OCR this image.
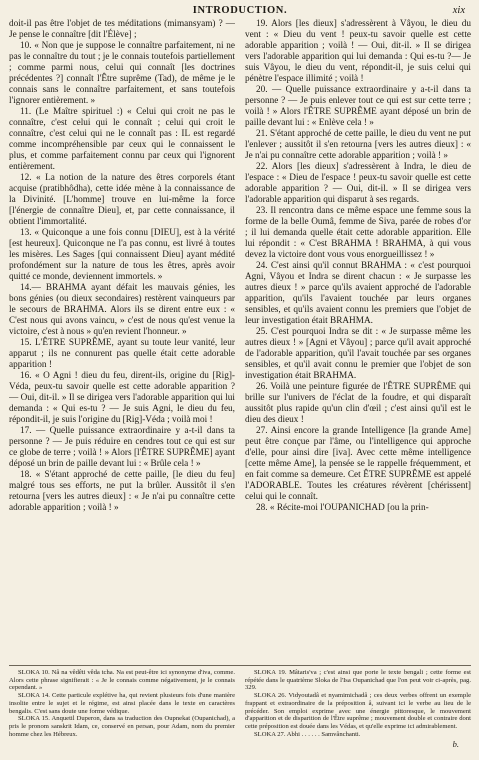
INTRODUCTION.	xix

doit-il pas être l'objet de tes méditations (mimansyam) ? — Je pense le connaître [dit l'Élève] ;

10. « Non que je suppose le connaître parfaitement, ni ne pas le connaître du tout ; je le connais toutefois partiellement ; comme parmi nous, celui qui connaît [les doctrines précédentes ?] connaît l'Être suprême (Tad), de même je le connais sans le connaître parfaitement, et sans toutefois l'ignorer entièrement. »

11. (Le Maître spirituel :) « Celui qui croit ne pas le connaître, c'est celui qui le connaît ; celui qui croit le connaître, c'est celui qui ne le connaît pas : IL est regardé comme incompréhensible par ceux qui le connaissent le plus, et comme parfaitement connu par ceux qui l'ignorent entièrement.

12. « La notion de la nature des êtres corporels étant acquise (pratibhôdha), cette idée mène à la connaissance de la Divinité. [L'homme] trouve en lui-même la force [l'énergie de connaître Dieu], et, par cette connaissance, il obtient l'immortalité.

13. « Quiconque a une fois connu [DIEU], est à la vérité [est heureux]. Quiconque ne l'a pas connu, est livré à toutes les misères. Les Sages [qui connaissent Dieu] ayant médité profondément sur la nature de tous les êtres, après avoir quitté ce monde, deviennent immortels. »

14.— BRAHMA ayant défait les mauvais génies, les bons génies (ou dieux secondaires) restèrent vainqueurs par le secours de BRAHMA. Alors ils se dirent entre eux : « C'est nous qui avons vaincu, » c'est de nous qu'est venue la victoire, c'est à nous » qu'en revient l'honneur. »

15. L'ÊTRE SUPRÊME, ayant su toute leur vanité, leur apparut ; ils ne connurent pas quelle était cette adorable apparition !

16. « O Agni ! dieu du feu, dirent-ils, origine du [Rig]-Véda, peux-tu savoir quelle est cette adorable apparition ? — Oui, dit-il. » Il se dirigea vers l'adorable apparition qui lui demanda : « Qui es-tu ? — Je suis Agni, le dieu du feu, répondit-il, je suis l'origine du [Rig]-Véda ; voilà moi !

17. — Quelle puissance extraordinaire y a-t-il dans ta personne ? — Je puis réduire en cendres tout ce qui est sur ce globe de terre ; voilà ! » Alors [l'ÊTRE SUPRÊME] ayant déposé un brin de paille devant lui : « Brûle cela ! »

18. « S'étant approché de cette paille, [le dieu du feu] malgré tous ses efforts, ne put la brûler. Aussitôt il s'en retourna [vers les autres dieux] : « Je n'ai pu connaître cette adorable apparition ; voilà ! »

19. Alors [les dieux] s'adressèrent à Vâyou, le dieu du vent : « Dieu du vent ! peux-tu savoir quelle est cette adorable apparition ; voilà ! — Oui, dit-il. » Il se dirigea vers l'adorable apparition qui lui demanda : Qui es-tu ?— Je suis Vâyou, le dieu du vent, répondit-il, je suis celui qui pénètre l'espace illimité ; voilà !

20. — Quelle puissance extraordinaire y a-t-il dans ta personne ? — Je puis enlever tout ce qui est sur cette terre ; voilà ! » Alors l'ÊTRE SUPRÊME ayant déposé un brin de paille devant lui : « Enlève cela ! »

21. S'étant approché de cette paille, le dieu du vent ne put l'enlever ; aussitôt il s'en retourna [vers les autres dieux] : « Je n'ai pu connaître cette adorable apparition ; voilà ! »

22. Alors [les dieux] s'adressèrent à Indra, le dieu de l'espace : « Dieu de l'espace ! peux-tu savoir quelle est cette adorable apparition ? — Oui, dit-il. » Il se dirigea vers l'adorable apparition qui disparut à ses regards.

23. Il rencontra dans ce même espace une femme sous la forme de la belle Oumâ, femme de Siva, parée de robes d'or ; il lui demanda quelle était cette adorable apparition. Elle lui répondit : « C'est BRAHMA ! BRAHMA, à qui vous devez la victoire dont vous vous enorgueillissez ! »

24. C'est ainsi qu'il connut BRAHMA : « c'est pourquoi Agni, Vâyou et Indra se dirent chacun : « Je surpasse les autres dieux ! » parce qu'ils avaient approché de l'adorable apparition, qu'ils l'avaient touchée par leurs organes sensibles, et qu'ils avaient connu les premiers que l'objet de leur investigation était BRAHMA.

25. C'est pourquoi Indra se dit : « Je surpasse même les autres dieux ! » [Agni et Vâyou] ; parce qu'il avait approché de l'adorable apparition, qu'il l'avait touchée par ses organes sensibles, et qu'il avait connu le premier que l'objet de son investigation était BRAHMA.

26. Voilà une peinture figurée de l'ÊTRE SUPRÊME qui brille sur l'univers de l'éclat de la foudre, et qui disparaît aussitôt plus rapide qu'un clin d'œil ; c'est ainsi qu'il est le dieu des dieux !

27. Ainsi encore la grande Intelligence [la grande Ame] peut être conçue par l'âme, ou l'intelligence qui approche d'elle, pour ainsi dire [iva]. Avec cette même intelligence [cette même Ame], la pensée se le rappelle fréquemment, et en fait comme sa demeure. Cet ÊTRE SUPRÊME est appelé l'ADORABLE. Toutes les créatures révèrent [chérissent] celui qui le connaît.

28. « Récite-moi l'OUPANICHAD [ou la prin-

SLOKA 10. Nâ na vêdêti vêda tcha. Na est peut-être ici synonyme d'iva, comme. Alors cette phrase signifierait : « Je le connais comme négativement, je le connais cependant. »

SLOKA 14. Cette particule explétive ha, qui revient plusieurs fois d'une manière insolite entre le sujet et le régime, est ainsi placée dans le texte en caractères bengalis. C'est sans doute une forme védique.

SLOKA 15. Anquetil Duperon, dans sa traduction des Oupnekat (Oupanichad), a pris le pronom sanskrit Idam, ce, conservé en persan, pour Adam, nom du premier homme chez les Hébreux.

SLOKA 19. Mâtaris'va ; c'est ainsi que porte le texte bengali ; cette forme est répétée dans le quatrième Sloka de l'Isa Oupanichad que l'on peut voir ci-après, pag. 329.

SLOKA 26. Vidyoutadâ et nyamimichadâ ; ces deux verbes offrent un exemple frappant et extraordinaire de la préposition â, suivant ici le verbe au lieu de le précéder. Son emploi exprime avec une énergie pittoresque, le mouvement d'apparition et de disparition de l'Être suprême ; mouvement double et contraire dont cette préposition est douée dans les Védas, et qu'elle exprime ici admirablement.

SLOKA 27. Abhi . . . . . . Samvânchanti.

b.
